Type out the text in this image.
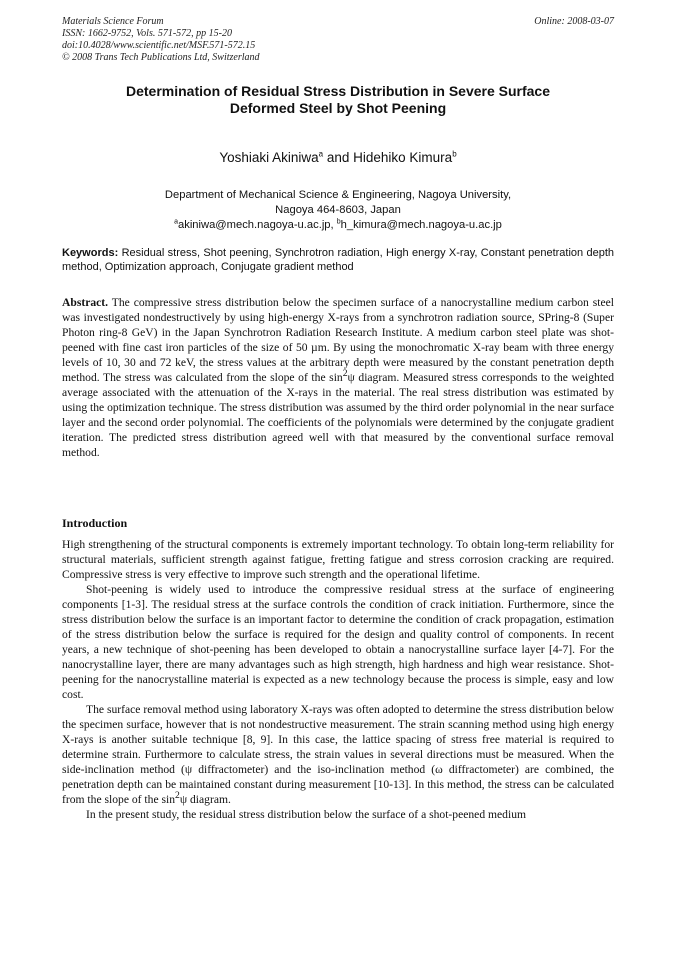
Materials Science Forum
ISSN: 1662-9752, Vols. 571-572, pp 15-20
doi:10.4028/www.scientific.net/MSF.571-572.15
© 2008 Trans Tech Publications Ltd, Switzerland
Online: 2008-03-07
Determination of Residual Stress Distribution in Severe Surface
Deformed Steel by Shot Peening
Yoshiaki Akiniwa$^a$ and Hidehiko Kimura$^b$
Department of Mechanical Science & Engineering, Nagoya University,
Nagoya 464-8603, Japan
$^a$akiniwa@mech.nagoya-u.ac.jp, $^b$h_kimura@mech.nagoya-u.ac.jp
Keywords: Residual stress, Shot peening, Synchrotron radiation, High energy X-ray, Constant penetration depth method, Optimization approach, Conjugate gradient method
Abstract. The compressive stress distribution below the specimen surface of a nanocrystalline medium carbon steel was investigated nondestructively by using high-energy X-rays from a synchrotron radiation source, SPring-8 (Super Photon ring-8 GeV) in the Japan Synchrotron Radiation Research Institute. A medium carbon steel plate was shot-peened with fine cast iron particles of the size of 50 µm. By using the monochromatic X-ray beam with three energy levels of 10, 30 and 72 keV, the stress values at the arbitrary depth were measured by the constant penetration depth method. The stress was calculated from the slope of the $\sin^2\psi$ diagram. Measured stress corresponds to the weighted average associated with the attenuation of the X-rays in the material. The real stress distribution was estimated by using the optimization technique. The stress distribution was assumed by the third order polynomial in the near surface layer and the second order polynomial. The coefficients of the polynomials were determined by the conjugate gradient iteration. The predicted stress distribution agreed well with that measured by the conventional surface removal method.
Introduction

High strengthening of the structural components is extremely important technology. To obtain long-term reliability for structural materials, sufficient strength against fatigue, fretting fatigue and stress corrosion cracking are required. Compressive stress is very effective to improve such strength and the operational lifetime.

Shot-peening is widely used to introduce the compressive residual stress at the surface of engineering components [1-3]. The residual stress at the surface controls the condition of crack initiation. Furthermore, since the stress distribution below the surface is an important factor to determine the condition of crack propagation, estimation of the stress distribution below the surface is required for the design and quality control of components. In recent years, a new technique of shot-peening has been developed to obtain a nanocrystalline surface layer [4-7]. For the nanocrystalline layer, there are many advantages such as high strength, high hardness and high wear resistance. Shot-peening for the nanocrystalline material is expected as a new technology because the process is simple, easy and low cost.

The surface removal method using laboratory X-rays was often adopted to determine the stress distribution below the specimen surface, however that is not nondestructive measurement. The strain scanning method using high energy X-rays is another suitable technique [8, 9]. In this case, the lattice spacing of stress free material is required to determine strain. Furthermore to calculate stress, the strain values in several directions must be measured. When the side-inclination method (ψ diffractometer) and the iso-inclination method (ω diffractometer) are combined, the penetration depth can be maintained constant during measurement [10-13]. In this method, the stress can be calculated from the slope of the $\sin^2\psi$ diagram.

In the present study, the residual stress distribution below the surface of a shot-peened medium
